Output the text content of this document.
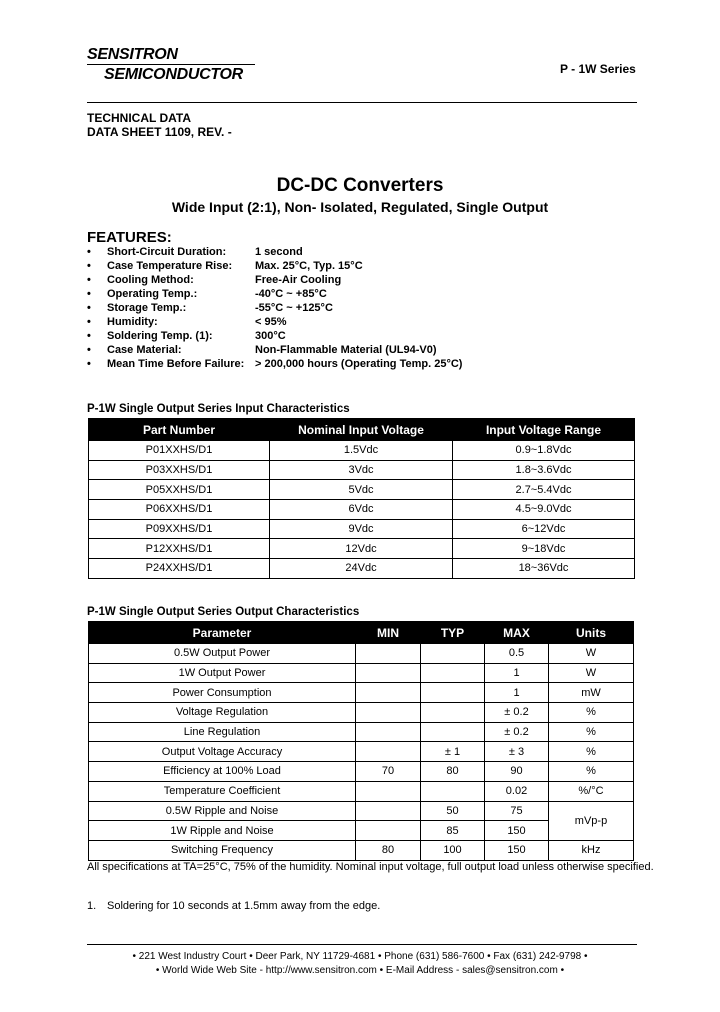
SENSITRON
SEMICONDUCTOR	P - 1W Series
TECHNICAL DATA
DATA SHEET 1109, REV. -
DC-DC Converters
Wide Input (2:1), Non- Isolated, Regulated, Single Output
FEATURES:
• Short-Circuit Duration:	1 second
• Case Temperature Rise: Max. 25°C, Typ. 15°C
• Cooling Method:	Free-Air Cooling
• Operating Temp.:	-40°C ~ +85°C
• Storage Temp.:	-55°C ~ +125°C
• Humidity:	< 95%
• Soldering Temp. (1):	300°C
• Case Material:	Non-Flammable Material (UL94-V0)
• Mean Time Before Failure: > 200,000 hours (Operating Temp. 25°C)
P-1W Single Output Series Input Characteristics
Part Number	Nominal Input Voltage	Input Voltage Range
P01XXHS/D1	1.5Vdc	0.9~1.8Vdc
P03XXHS/D1	3Vdc	1.8~3.6Vdc
P05XXHS/D1	5Vdc	2.7~5.4Vdc
P06XXHS/D1	6Vdc	4.5~9.0Vdc
P09XXHS/D1	9Vdc	6~12Vdc
P12XXHS/D1	12Vdc	9~18Vdc
P24XXHS/D1	24Vdc	18~36Vdc
P-1W Single Output Series Output Characteristics
Parameter	MIN	TYP	MAX	Units
0.5W Output Power			0.5	W
1W Output Power			1	W
Power Consumption			1	mW
Voltage Regulation			± 0.2	%
Line Regulation			± 0.2	%
Output Voltage Accuracy		± 1	± 3	%
Efficiency at 100% Load	70	80	90	%
Temperature Coefficient			0.02	%/°C
0.5W Ripple and Noise		50	75	mVp-p
1W Ripple and Noise		85	150	
Switching Frequency	80	100	150	kHz
All specifications at TA=25°C, 75% of the humidity. Nominal input voltage, full output load unless otherwise specified.
1. Soldering for 10 seconds at 1.5mm away from the edge.
• 221 West Industry Court • Deer Park, NY 11729-4681 • Phone (631) 586-7600 • Fax (631) 242-9798 •
• World Wide Web Site - http://www.sensitron.com • E-Mail Address - sales@sensitron.com •
